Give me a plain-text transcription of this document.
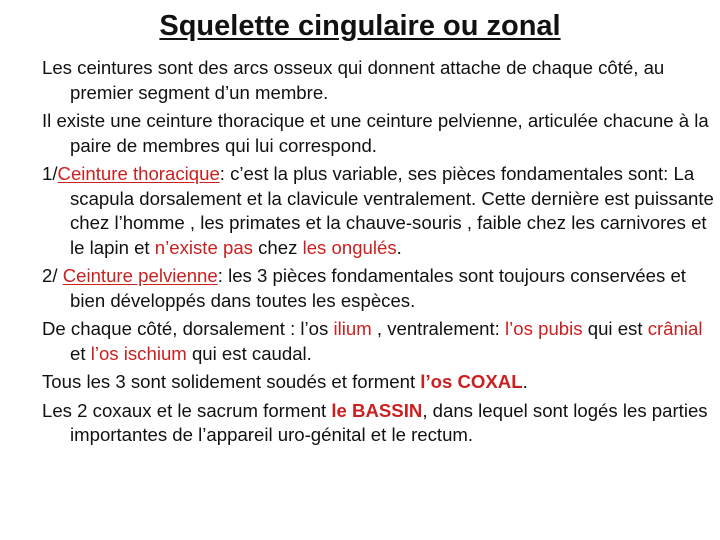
Squelette cingulaire ou zonal

Les ceintures sont des arcs osseux qui donnent attache de chaque côté, au premier segment d’un membre.

Il existe une ceinture thoracique et une ceinture pelvienne, articulée chacune à la paire de membres qui lui correspond.

1/Ceinture thoracique: c’est la plus variable, ses pièces fondamentales sont: La scapula dorsalement et la clavicule ventralement. Cette dernière est puissante chez l’homme , les primates et la chauve-souris , faible chez les carnivores et le lapin et n’existe pas chez les ongulés.

2/ Ceinture pelvienne: les 3 pièces fondamentales sont toujours conservées et bien développés dans toutes les espèces.

De chaque côté, dorsalement : l’os ilium , ventralement: l’os pubis qui est crânial et l’os ischium qui est caudal.

Tous les 3 sont solidement soudés et forment l’os COXAL.

Les 2 coxaux et le sacrum forment le BASSIN, dans lequel sont logés les parties importantes de l’appareil uro-génital et le rectum.
